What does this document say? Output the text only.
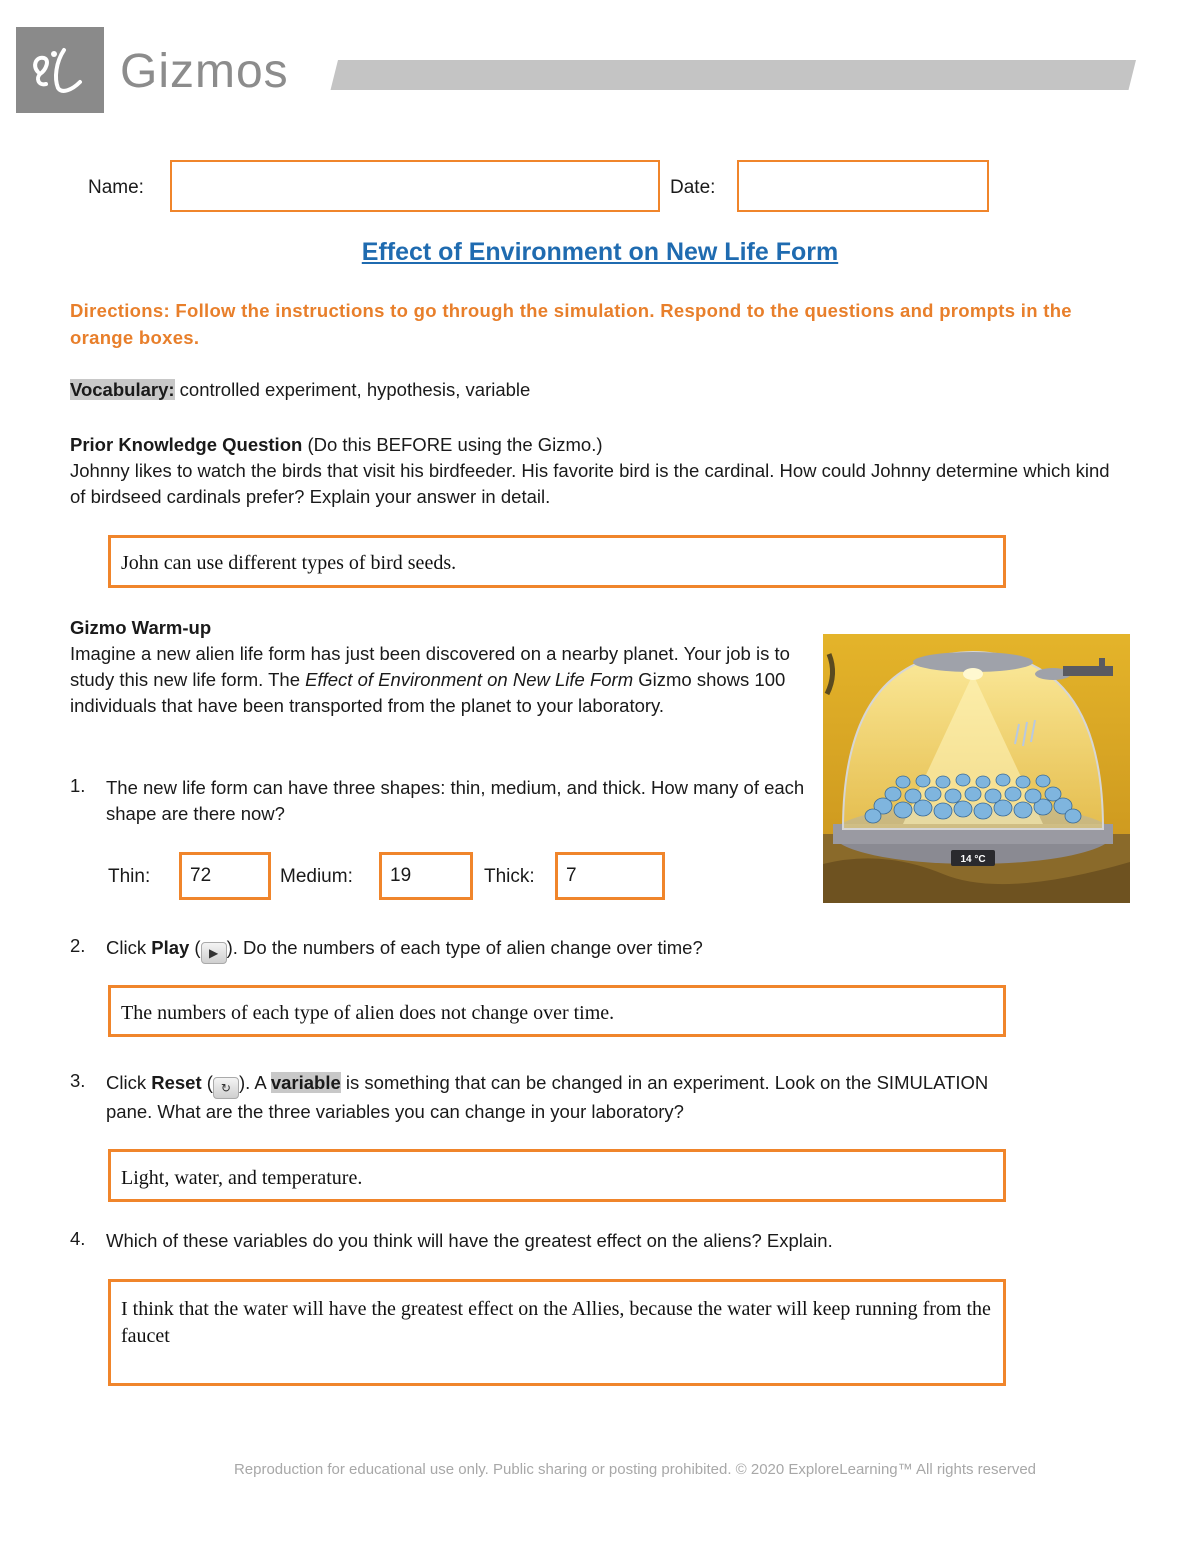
Gizmos
Name:	Date:
Effect of Environment on New Life Form
Directions: Follow the instructions to go through the simulation. Respond to the questions and prompts in the orange boxes.
Vocabulary: controlled experiment, hypothesis, variable
Prior Knowledge Question (Do this BEFORE using the Gizmo.)
Johnny likes to watch the birds that visit his birdfeeder. His favorite bird is the cardinal. How could Johnny determine which kind of birdseed cardinals prefer? Explain your answer in detail.
John can use different types of bird seeds.
Gizmo Warm-up
Imagine a new alien life form has just been discovered on a nearby planet. Your job is to study this new life form. The Effect of Environment on New Life Form Gizmo shows 100 individuals that have been transported from the planet to your laboratory.
14 °C
1. The new life form can have three shapes: thin, medium, and thick. How many of each shape are there now?
Thin:	72	Medium:	19	Thick:	7
2. Click Play ( ▶ ). Do the numbers of each type of alien change over time?
The numbers of each type of alien does not change over time.
3. Click Reset ( ↻ ). A variable is something that can be changed in an experiment. Look on the SIMULATION pane. What are the three variables you can change in your laboratory?
Light, water, and temperature.
4. Which of these variables do you think will have the greatest effect on the aliens? Explain.
I think that the water will have the greatest effect on the Allies, because the water will keep running from the faucet
Reproduction for educational use only. Public sharing or posting prohibited. © 2020 ExploreLearning™ All rights reserved
